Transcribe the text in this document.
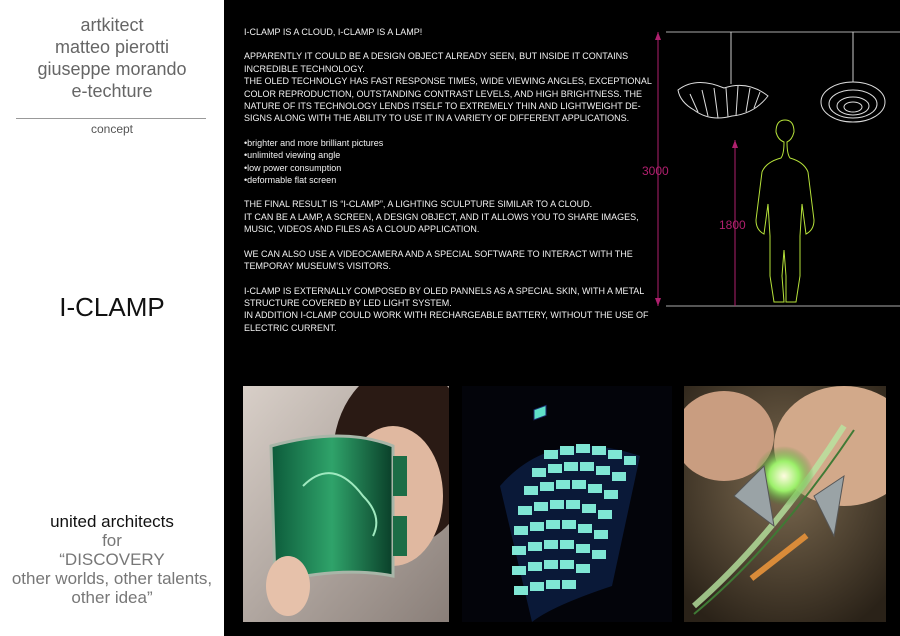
artkitect
matteo pierotti
giuseppe morando
e-techture
concept
I-CLAMP
united architects
for
“DISCOVERY
other worlds, other talents,
other idea”

I-CLAMP IS A CLOUD, I-CLAMP IS A LAMP!

APPARENTLY IT COULD BE A DESIGN OBJECT ALREADY SEEN, BUT INSIDE IT CONTAINS INCREDIBLE TECHNOLOGY.
THE OLED TECHNOLGY HAS FAST RESPONSE TIMES, WIDE VIEWING ANGLES, EXCEPTIONAL COLOR REPRODUCTION, OUTSTANDING CONTRAST LEVELS, AND HIGH BRIGHTNESS. THE NATURE OF ITS TECHNOLOGY LENDS ITSELF TO EXTREMELY THIN AND LIGHTWEIGHT DE-SIGNS ALONG WITH THE ABILITY TO USE IT IN A VARIETY OF DIFFERENT APPLICATIONS.
•brighter and more brilliant pictures
•unlimited viewing angle
•low power consumption
•deformable flat screen
THE FINAL RESULT IS “I-CLAMP”, A LIGHTING SCULPTURE SIMILAR TO A CLOUD.
IT CAN BE A LAMP, A SCREEN, A DESIGN OBJECT, AND IT ALLOWS YOU TO SHARE IMAGES, MUSIC, VIDEOS AND FILES AS A CLOUD APPLICATION.

WE CAN ALSO USE A VIDEOCAMERA AND A SPECIAL SOFTWARE TO INTERACT WITH THE TEMPORAY MUSEUM’S VISITORS.

I-CLAMP IS EXTERNALLY COMPOSED BY OLED PANNELS AS A SPECIAL SKIN, WITH A METAL STRUCTURE COVERED BY LED LIGHT SYSTEM.
IN ADDITION I-CLAMP COULD WORK WITH RECHARGEABLE BATTERY, WITHOUT THE USE OF ELECTRIC CURRENT.
3000
1800
